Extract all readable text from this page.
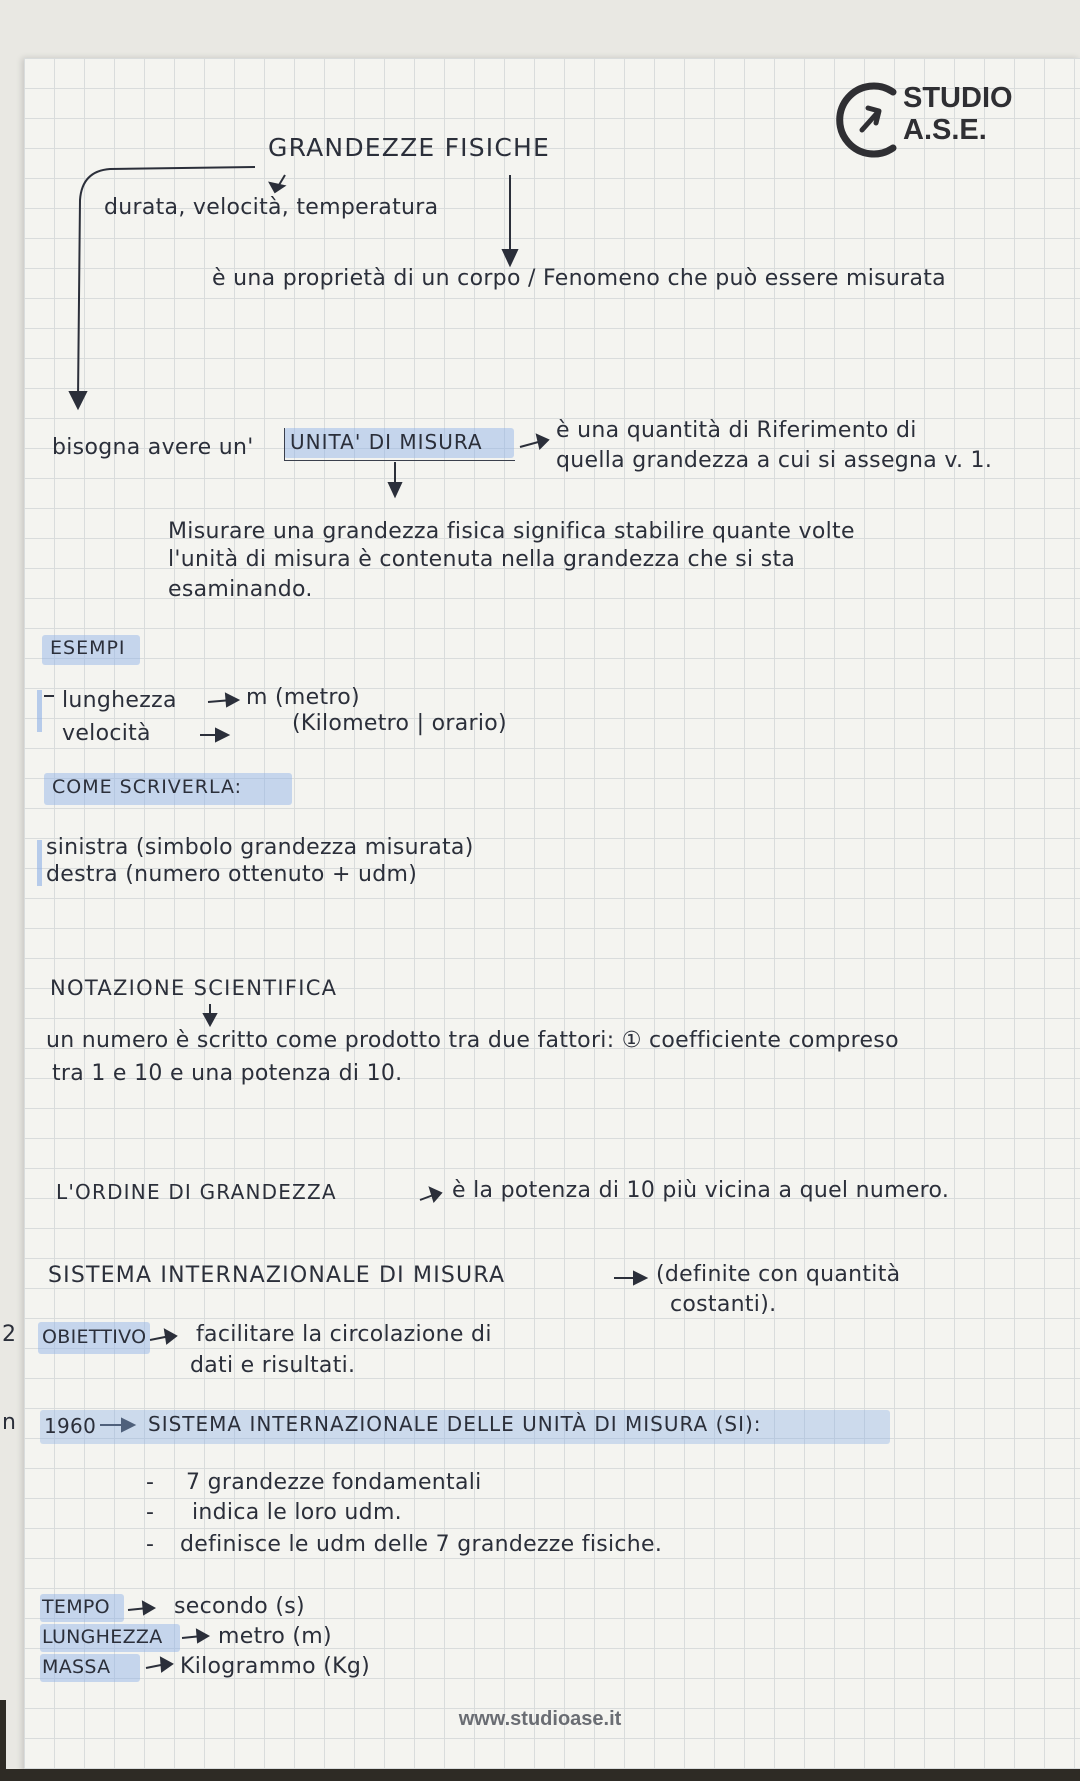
STUDIO
A.S.E.
GRANDEZZE FISICHE
durata, velocità, temperatura
è una proprietà di un corpo / Fenomeno che può essere misurata
bisogna avere un' UNITA' DI MISURA	è una quantità di Riferimento di
quella grandezza a cui si assegna v. 1.
Misurare una grandezza fisica significa stabilire quante volte
l'unità di misura è contenuta nella grandezza che si sta
esaminando.
ESEMPI
lunghezza	m (metro)
velocità	(Kilometro | orario)
COME SCRIVERLA:
sinistra (simbolo grandezza misurata)
destra (numero ottenuto + udm)
NOTAZIONE SCIENTIFICA
un numero è scritto come prodotto tra due fattori: ① coefficiente compreso
tra 1 e 10 e una potenza di 10.
L'ORDINE DI GRANDEZZA	è la potenza di 10 più vicina a quel numero.
SISTEMA INTERNAZIONALE DI MISURA	(definite con quantità
costanti).
2 OBIETTIVO facilitare la circolazione di
dati e risultati.
n 1960	SISTEMA INTERNAZIONALE DELLE UNITÀ DI MISURA (SI):
- 7 grandezze fondamentali
- indica le loro udm.
- definisce le udm delle 7 grandezze fisiche.
TEMPO	secondo (s)
LUNGHEZZA	metro (m)
MASSA	Kilogrammo (Kg)
www.studioase.it
